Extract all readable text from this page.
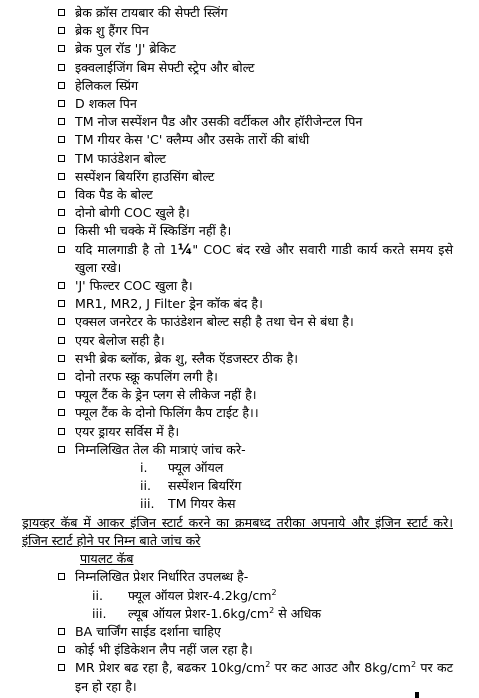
ब्रेक क्रॉस टायबार की सेफ्टी स्लिंग
ब्रेक शु हैंगर पिन
ब्रेक पुल रॉड 'J' ब्रेकिट
इक्वलाईजिंग बिम सेफ्टी स्ट्रेप और बोल्ट
हेलिकल स्प्रिंग
D शकल पिन
TM नोज सस्पेंशन पैड और उसकी वर्टीकल और हॉरीजेन्टल पिन
TM गीयर केस 'C' क्लैम्प और उसके तारों की बांधी
TM फाउंडेशन बोल्ट
सस्पेंशन बियरिंग हाउसिंग बोल्ट
विक पैड के बोल्ट
दोनो बोगी COC खुले है।
किसी भी चक्के में स्किडिंग नहीं है।
यदि मालगाडी है तो 1¼" COC बंद रखे और सवारी गाडी कार्य करते समय इसे खुला रखे।
'J' फिल्टर COC खुला है।
MR1, MR2, J Filter ड्रेन कॉक बंद है।
एक्सल जनरेटर के फाउंडेशन बोल्ट सही है तथा चेन से बंधा है।
एयर बेलोज सही है।
सभी ब्रेक ब्लॉक, ब्रेक शु, स्लैक ऍडजस्टर ठीक है।
दोनो तरफ स्क्रू कपलिंग लगी है।
फ्यूल टैंक के ड्रेन प्लग से लीकेज नहीं है।
फ्यूल टैंक के दोनो फिलिंग कैप टाईट है।।
एयर ड्रायर सर्विस में है।
निम्नलिखित तेल की मात्राएं जांच करे-
i. फ्यूल ऑयल
ii. सस्पेंशन बियरिंग
iii. TM गियर केस
ड्रायव्हर कॅब में आकर इंजिन स्टार्ट करने का क्रमबध्द तरीका अपनाये और इंजिन स्टार्ट करे। इंजिन स्टार्ट होने पर निम्न बाते जांच करे
पायलट कॅब
निम्नलिखित प्रेशर निर्धारित उपलब्ध है-
ii. फ्यूल ऑयल $प्रेशर-4.2kg/cm^2$
iii. ल्यूब ऑयल $प्रेशर-1.6kg/cm^2$ से अधिक
BA चार्जिंग साईड दर्शाना चाहिए
कोई भी इंडिकेशन लैप नहीं जल रहा है।
MR प्रेशर बढ रहा है, बढकर $10kg/cm^2$ पर कट आउट और $8kg/cm^2$ पर कट इन हो रहा है।
